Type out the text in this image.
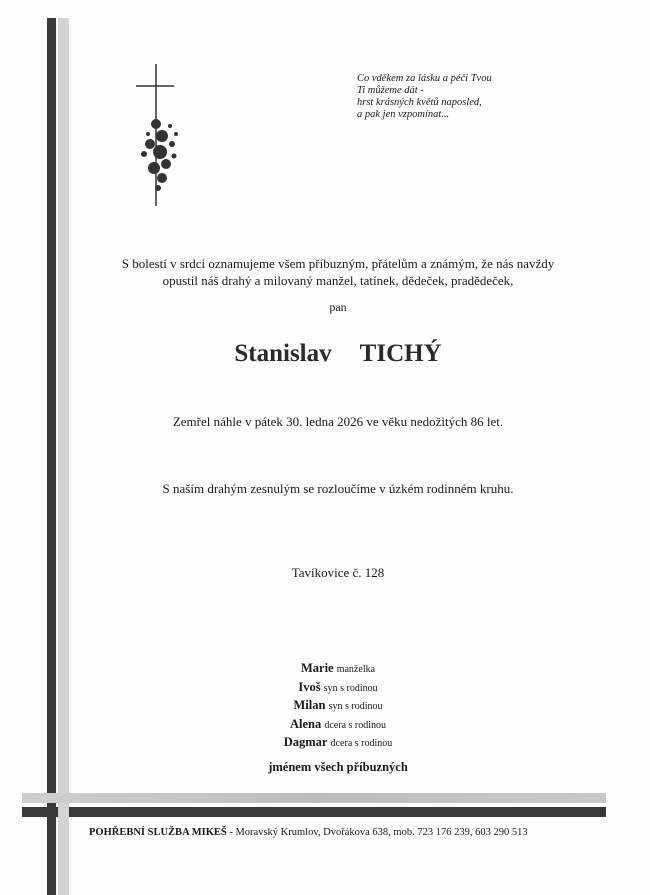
Co vděkem za lásku a péči Tvou
Ti můžeme dát -
hrst krásných květů naposled,
a pak jen vzpomínat...
S bolestí v srdci oznamujeme všem příbuzným, přátelům a známým, že nás navždy
opustil náš drahý a milovaný manžel, tatínek, dědeček, pradědeček,
pan
Stanislav  TICHÝ
Zemřel náhle v pátek 30. ledna 2026 ve věku nedožitých 86 let.
S naším drahým zesnulým se rozloučíme v úzkém rodinném kruhu.
Tavíkovice č. 128
Marie manželka
Ivoš syn s rodinou
Milan syn s rodinou
Alena dcera s rodinou
Dagmar dcera s rodinou
jménem všech příbuzných
POHŘEBNÍ SLUŽBA MIKEŠ - Moravský Krumlov, Dvořákova 638, mob. 723 176 239, 603 290 513
